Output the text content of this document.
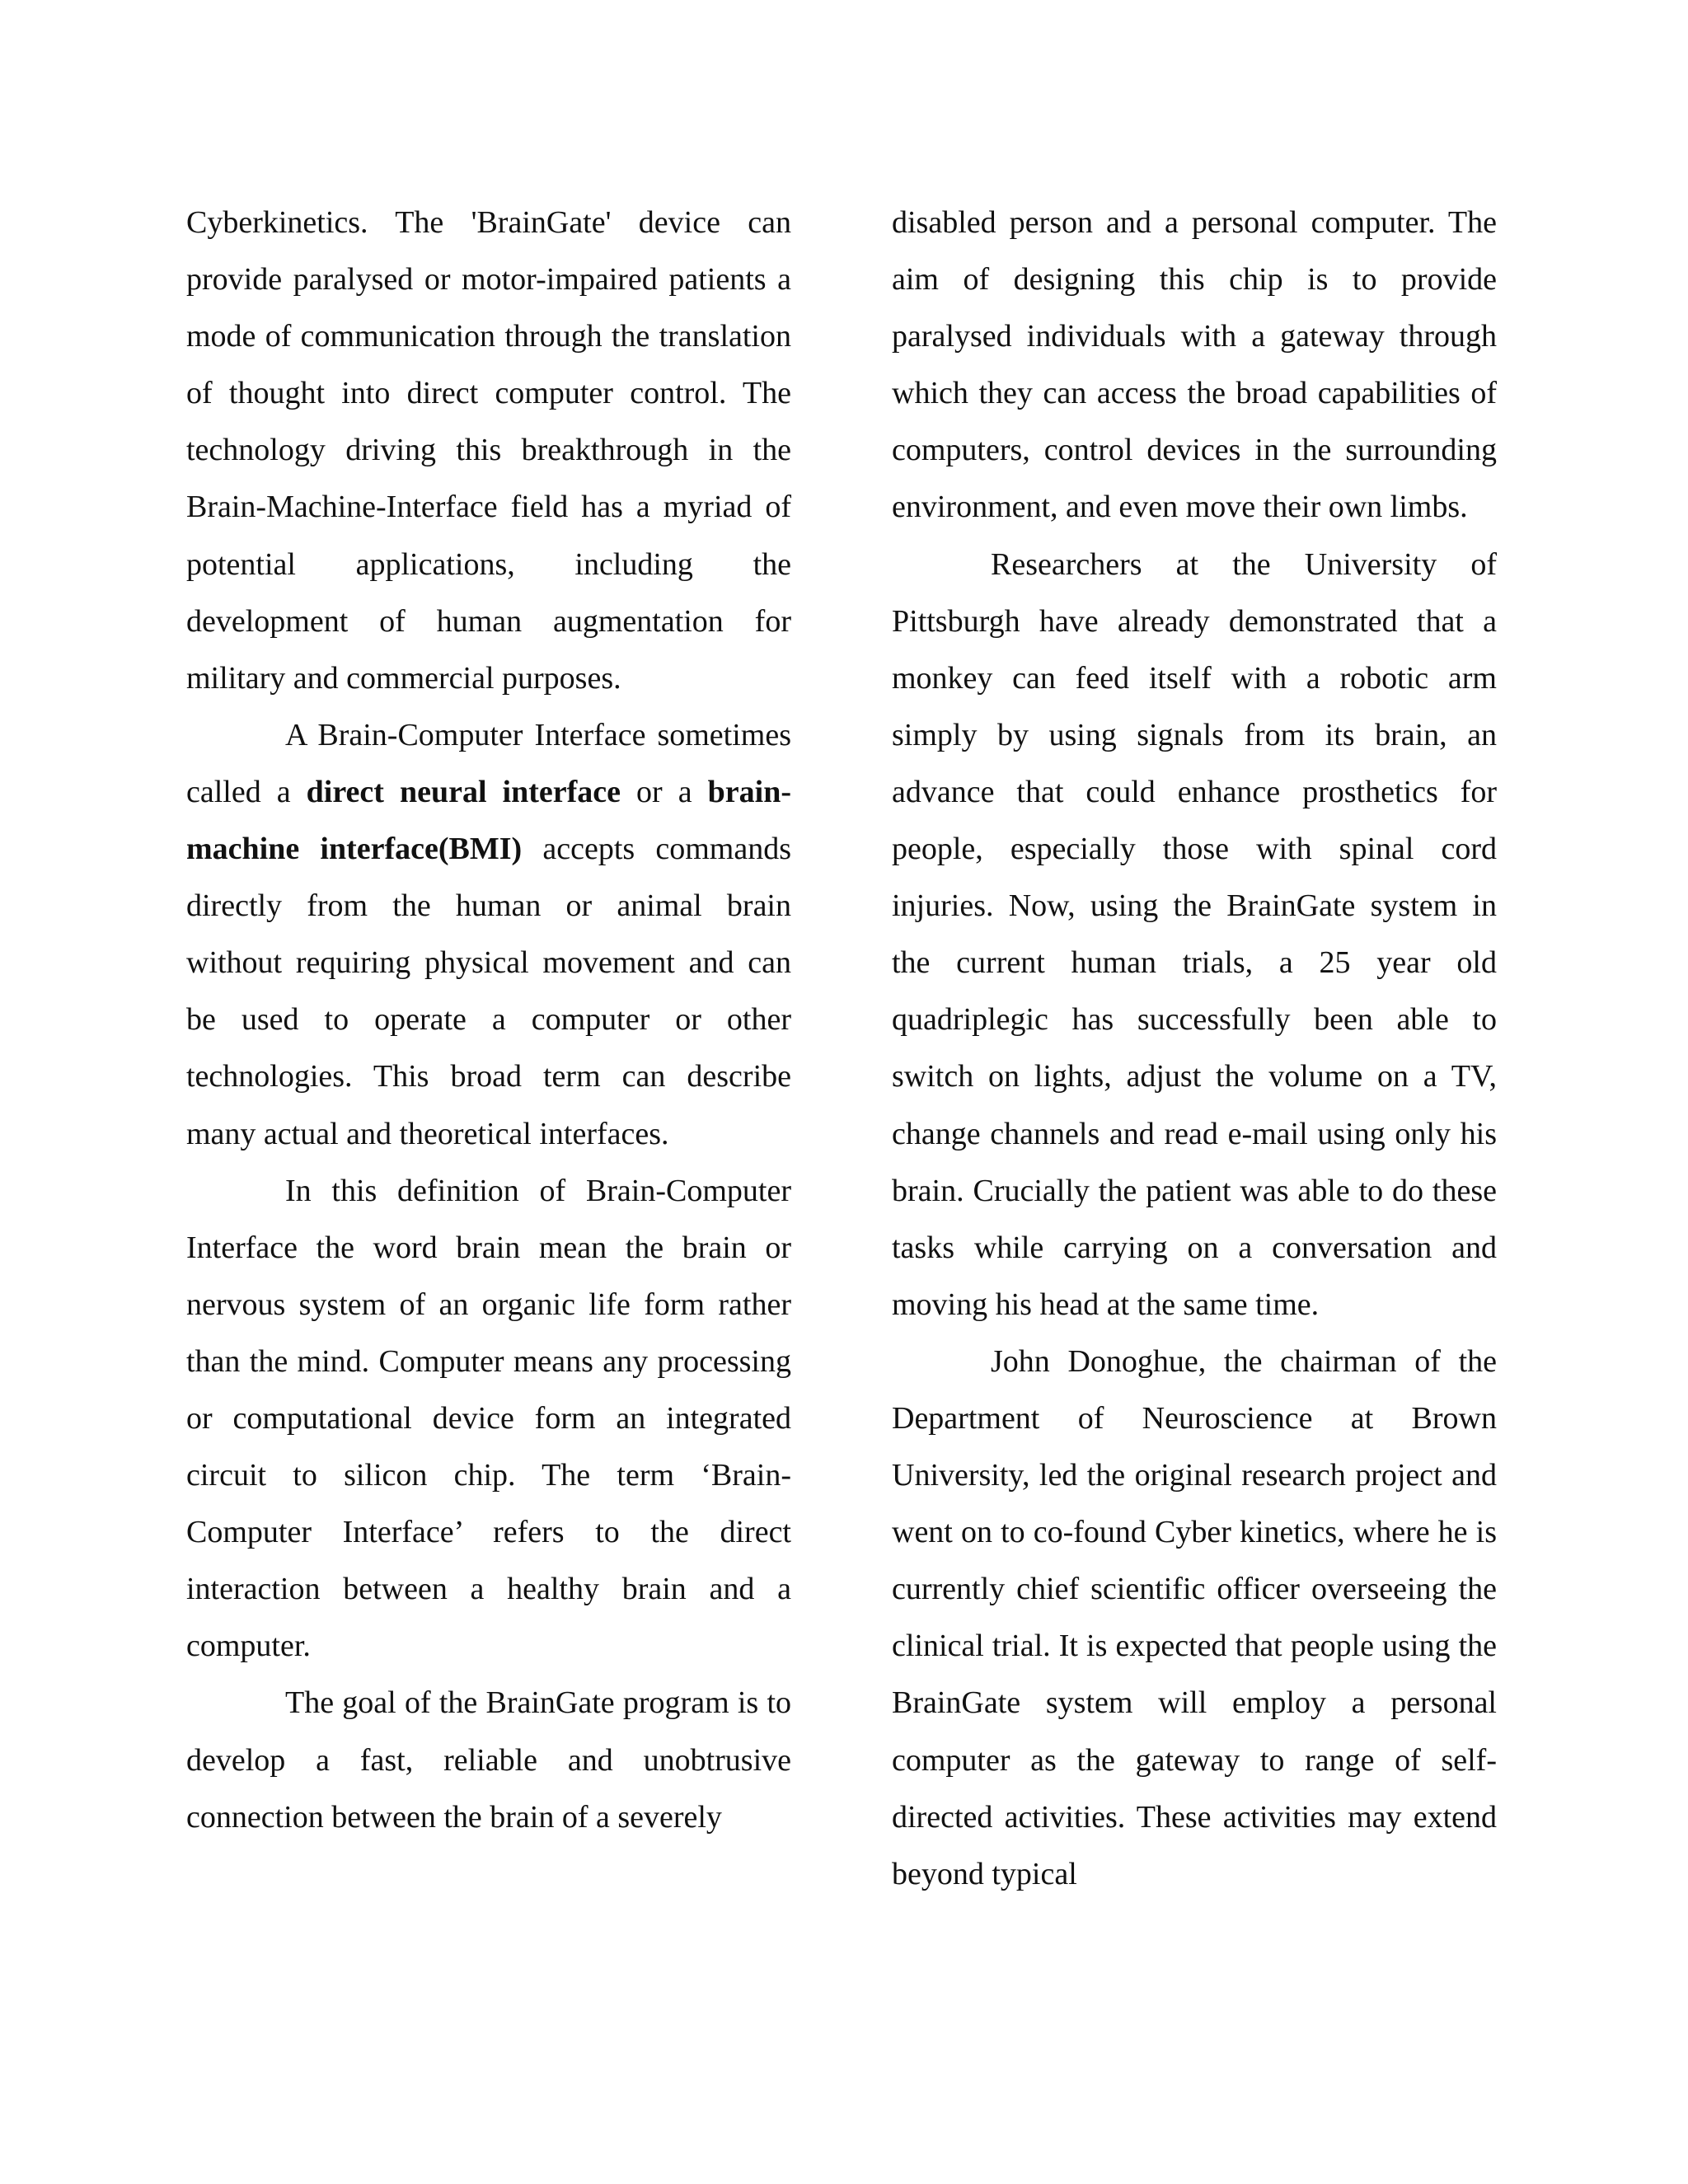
Cyberkinetics. The 'BrainGate' device can provide paralysed or motor-impaired patients a mode of communication through the translation of thought into direct computer control. The technology driving this breakthrough in the Brain-Machine-Interface field has a myriad of potential applications, including the development of human augmentation for military and commercial purposes.

A Brain-Computer Interface sometimes called a direct neural interface or a brain-machine interface(BMI) accepts commands directly from the human or animal brain without requiring physical movement and can be used to operate a computer or other technologies. This broad term can describe many actual and theoretical interfaces.

In this definition of Brain-Computer Interface the word brain mean the brain or nervous system of an organic life form rather than the mind. Computer means any processing or computational device form an integrated circuit to silicon chip. The term ‘Brain-Computer Interface’ refers to the direct interaction between a healthy brain and a computer.

The goal of the BrainGate program is to develop a fast, reliable and unobtrusive connection between the brain of a severely

disabled person and a personal computer. The aim of designing this chip is to provide paralysed individuals with a gateway through which they can access the broad capabilities of computers, control devices in the surrounding environment, and even move their own limbs.

Researchers at the University of Pittsburgh have already demonstrated that a monkey can feed itself with a robotic arm simply by using signals from its brain, an advance that could enhance prosthetics for people, especially those with spinal cord injuries. Now, using the BrainGate system in the current human trials, a 25 year old quadriplegic has successfully been able to switch on lights, adjust the volume on a TV, change channels and read e-mail using only his brain. Crucially the patient was able to do these tasks while carrying on a conversation and moving his head at the same time.

John Donoghue, the chairman of the Department of Neuroscience at Brown University, led the original research project and went on to co-found Cyber kinetics, where he is currently chief scientific officer overseeing the clinical trial. It is expected that people using the BrainGate system will employ a personal computer as the gateway to range of self-directed activities. These activities may extend beyond typical
